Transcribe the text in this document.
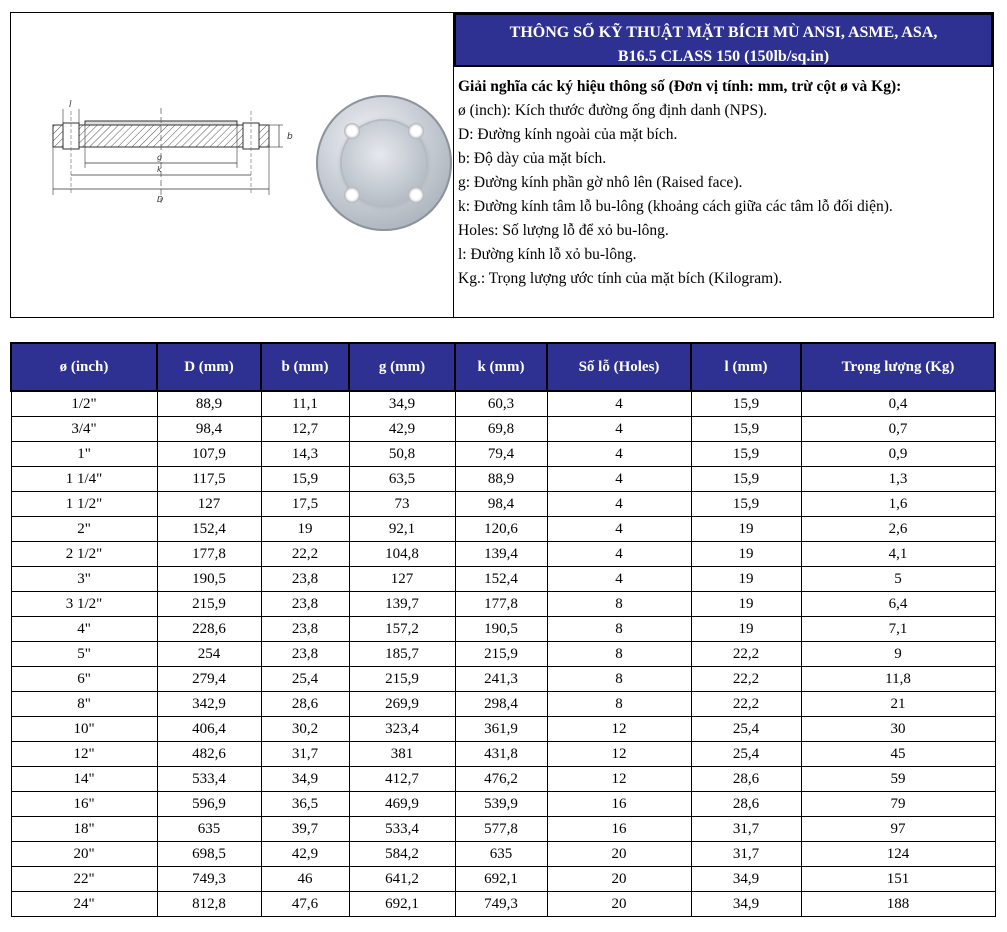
l
b
g
k
D
THÔNG SỐ KỸ THUẬT MẶT BÍCH MÙ ANSI, ASME, ASA,
B16.5 CLASS 150 (150lb/sq.in)
Giải nghĩa các ký hiệu thông số (Đơn vị tính: mm, trừ cột ø và Kg):
ø (inch): Kích thước đường ống định danh (NPS).
D: Đường kính ngoài của mặt bích.
b: Độ dày của mặt bích.
g: Đường kính phần gờ nhô lên (Raised face).
k: Đường kính tâm lỗ bu-lông (khoảng cách giữa các tâm lỗ đối diện).
Holes: Số lượng lỗ để xỏ bu-lông.
l: Đường kính lỗ xỏ bu-lông.
Kg.: Trọng lượng ước tính của mặt bích (Kilogram).
ø (inch)	D (mm)	b (mm)	g (mm)	k (mm)	Số lỗ (Holes)	l (mm)	Trọng lượng (Kg)
1/2"	88,9	11,1	34,9	60,3	4	15,9	0,4
3/4"	98,4	12,7	42,9	69,8	4	15,9	0,7
1"	107,9	14,3	50,8	79,4	4	15,9	0,9
1 1/4"	117,5	15,9	63,5	88,9	4	15,9	1,3
1 1/2"	127	17,5	73	98,4	4	15,9	1,6
2"	152,4	19	92,1	120,6	4	19	2,6
2 1/2"	177,8	22,2	104,8	139,4	4	19	4,1
3"	190,5	23,8	127	152,4	4	19	5
3 1/2"	215,9	23,8	139,7	177,8	8	19	6,4
4"	228,6	23,8	157,2	190,5	8	19	7,1
5"	254	23,8	185,7	215,9	8	22,2	9
6"	279,4	25,4	215,9	241,3	8	22,2	11,8
8"	342,9	28,6	269,9	298,4	8	22,2	21
10"	406,4	30,2	323,4	361,9	12	25,4	30
12"	482,6	31,7	381	431,8	12	25,4	45
14"	533,4	34,9	412,7	476,2	12	28,6	59
16"	596,9	36,5	469,9	539,9	16	28,6	79
18"	635	39,7	533,4	577,8	16	31,7	97
20"	698,5	42,9	584,2	635	20	31,7	124
22"	749,3	46	641,2	692,1	20	34,9	151
24"	812,8	47,6	692,1	749,3	20	34,9	188
